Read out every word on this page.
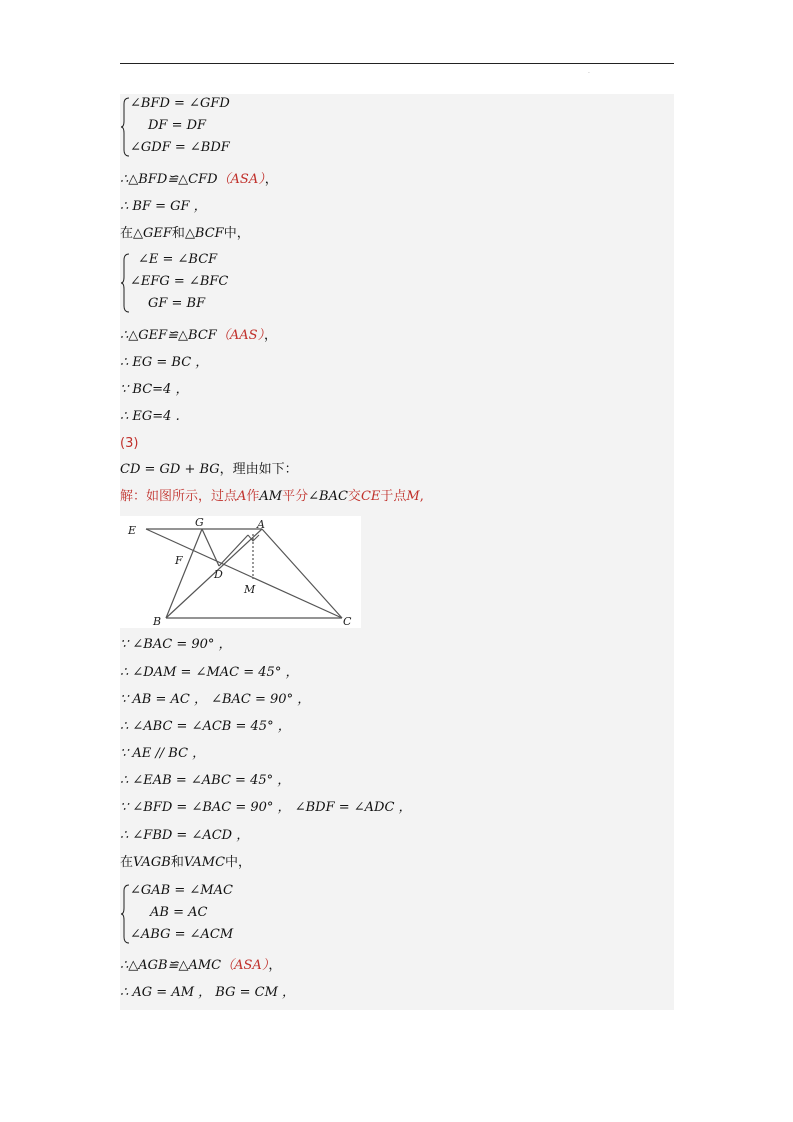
·
∠BFD = ∠GFD
DF = DF
∠GDF = ∠BDF
∴△BFD≌△CFD（ASA），
∴ BF = GF ，
在△GEF和△BCF中，
∠E = ∠BCF
∠EFG = ∠BFC
GF = BF
∴△GEF≌△BCF（AAS），
∴ EG = BC ，
∵ BC=4 ，
∴ EG=4 .
(3)
CD = GD + BG，理由如下：
解：如图所示，过点A作AM平分∠BAC交CE于点M,
E
G	A
F
D
M
B	C
∵ ∠BAC = 90° ，
∴ ∠DAM = ∠MAC = 45° ，
∵ AB = AC ， ∠BAC = 90° ，
∴ ∠ABC = ∠ACB = 45° ，
∵ AE // BC ，
∴ ∠EAB = ∠ABC = 45° ，
∵ ∠BFD = ∠BAC = 90° ， ∠BDF = ∠ADC ，
∴ ∠FBD = ∠ACD ，
在VAGB和VAMC中，
∠GAB = ∠MAC
AB = AC
∠ABG = ∠ACM
∴△AGB≌△AMC（ASA），
∴ AG = AM ， BG = CM ，
